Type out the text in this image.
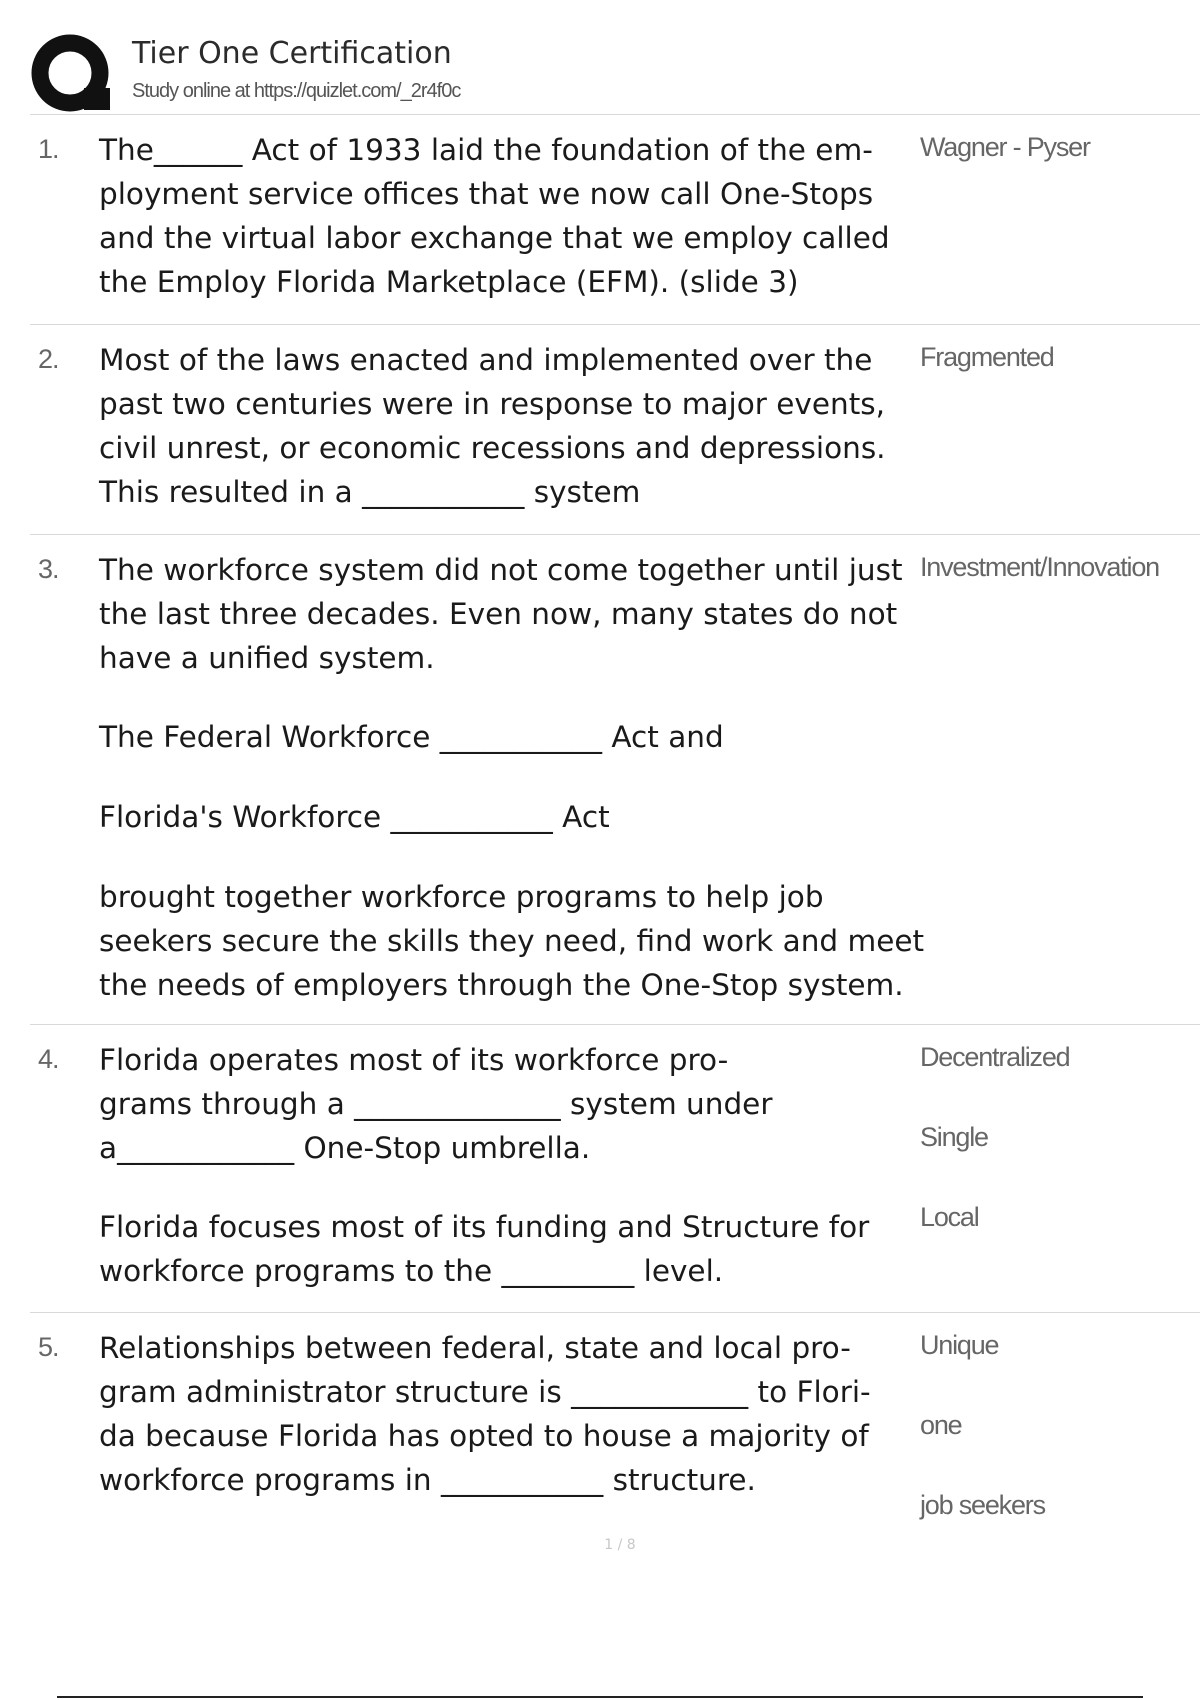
Tier One Certification
Study online at https://quizlet.com/_2r4f0c
1. The______ Act of 1933 laid the foundation of the em-

ployment service offices that we now call One-Stops

and the virtual labor exchange that we employ called

the Employ Florida Marketplace (EFM). (slide 3)

Wagner - Pyser
2. Most of the laws enacted and implemented over the

past two centuries were in response to major events,

civil unrest, or economic recessions and depressions.

This resulted in a ___________ system

Fragmented
3. The workforce system did not come together until just

the last three decades. Even now, many states do not

have a unified system.

The Federal Workforce ___________ Act and

Florida's Workforce ___________ Act

brought together workforce programs to help job

seekers secure the skills they need, find work and meet

the needs of employers through the One-Stop system.

Investment/Innovation
4. Florida operates most of its workforce pro-

grams through a ______________ system under

a____________ One-Stop umbrella.

Florida focuses most of its funding and Structure for

workforce programs to the _________ level.

Decentralized
Single
Local
5. Relationships between federal, state and local pro-

gram administrator structure is ____________ to Flori-

da because Florida has opted to house a majority of

workforce programs in ___________ structure.

Unique
one
job seekers
1 / 8
